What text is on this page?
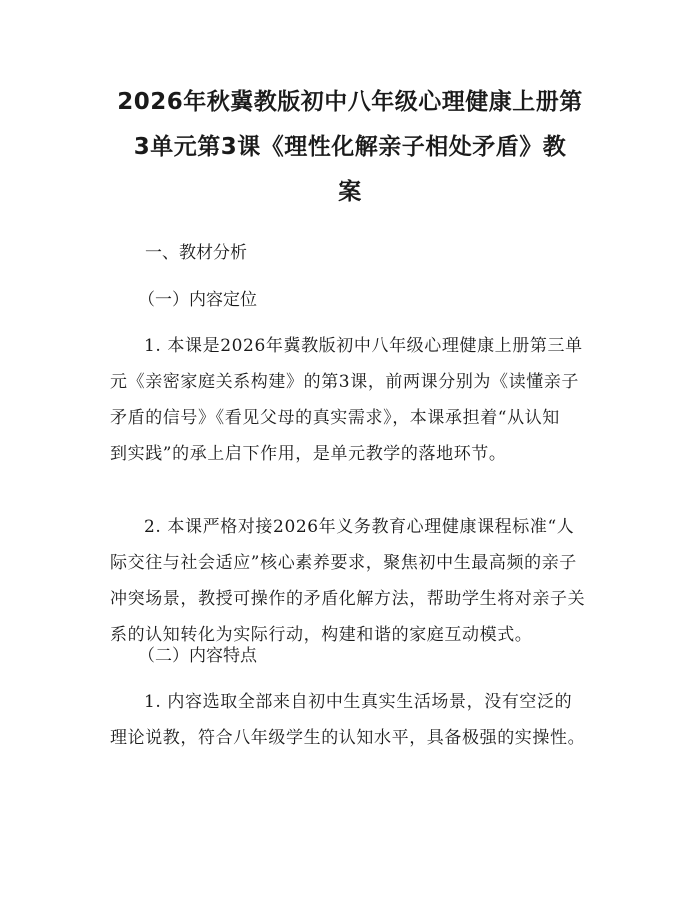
2026年秋冀教版初中八年级心理健康上册第
3单元第3课《理性化解亲子相处矛盾》教
案
一、教材分析
（一）内容定位
1. 本课是2026年冀教版初中八年级心理健康上册第三单
元《亲密家庭关系构建》的第3课，前两课分别为《读懂亲子
矛盾的信号》《看见父母的真实需求》，本课承担着“从认知
到实践”的承上启下作用，是单元教学的落地环节。
2. 本课严格对接2026年义务教育心理健康课程标准“人
际交往与社会适应”核心素养要求，聚焦初中生最高频的亲子
冲突场景，教授可操作的矛盾化解方法，帮助学生将对亲子关
系的认知转化为实际行动，构建和谐的家庭互动模式。
（二）内容特点
1. 内容选取全部来自初中生真实生活场景，没有空泛的
理论说教，符合八年级学生的认知水平，具备极强的实操性。
